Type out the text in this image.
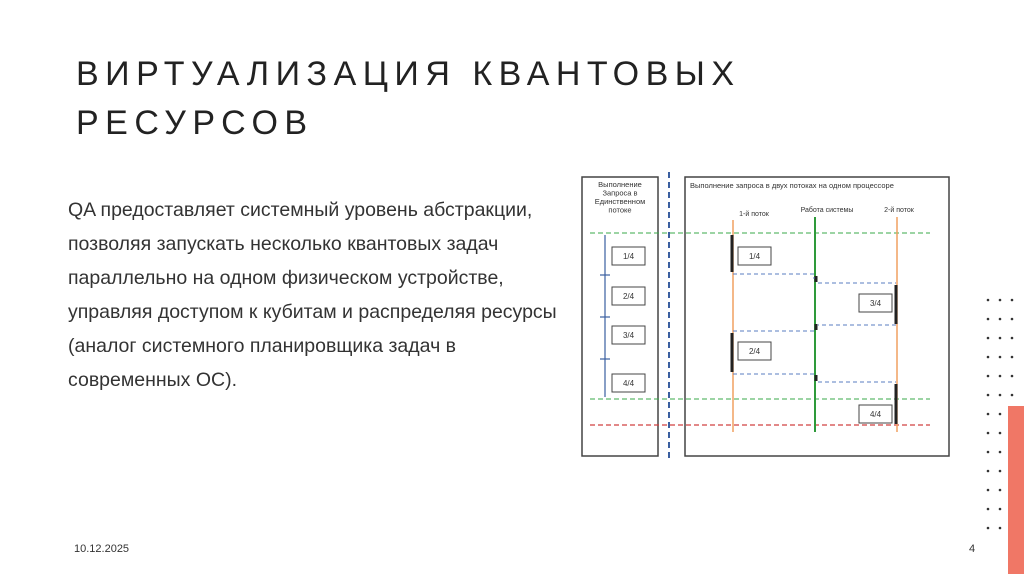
ВИРТУАЛИЗАЦИЯ КВАНТОВЫХ РЕСУРСОВ
QA предоставляет системный уровень абстракции, позволяя запускать несколько квантовых задач параллельно на одном физическом устройстве, управляя доступом к кубитам и распределяя ресурсы (аналог системного планировщика задач в современных ОС).
Выполнение
Запроса в
Единственном
потоке
1/4
2/4
3/4
4/4
Выполнение запроса в двух потоках на одном процессоре
1-й поток
Работа системы	2-й поток
1/4
2/4
3/4
4/4
10.12.2025	4
